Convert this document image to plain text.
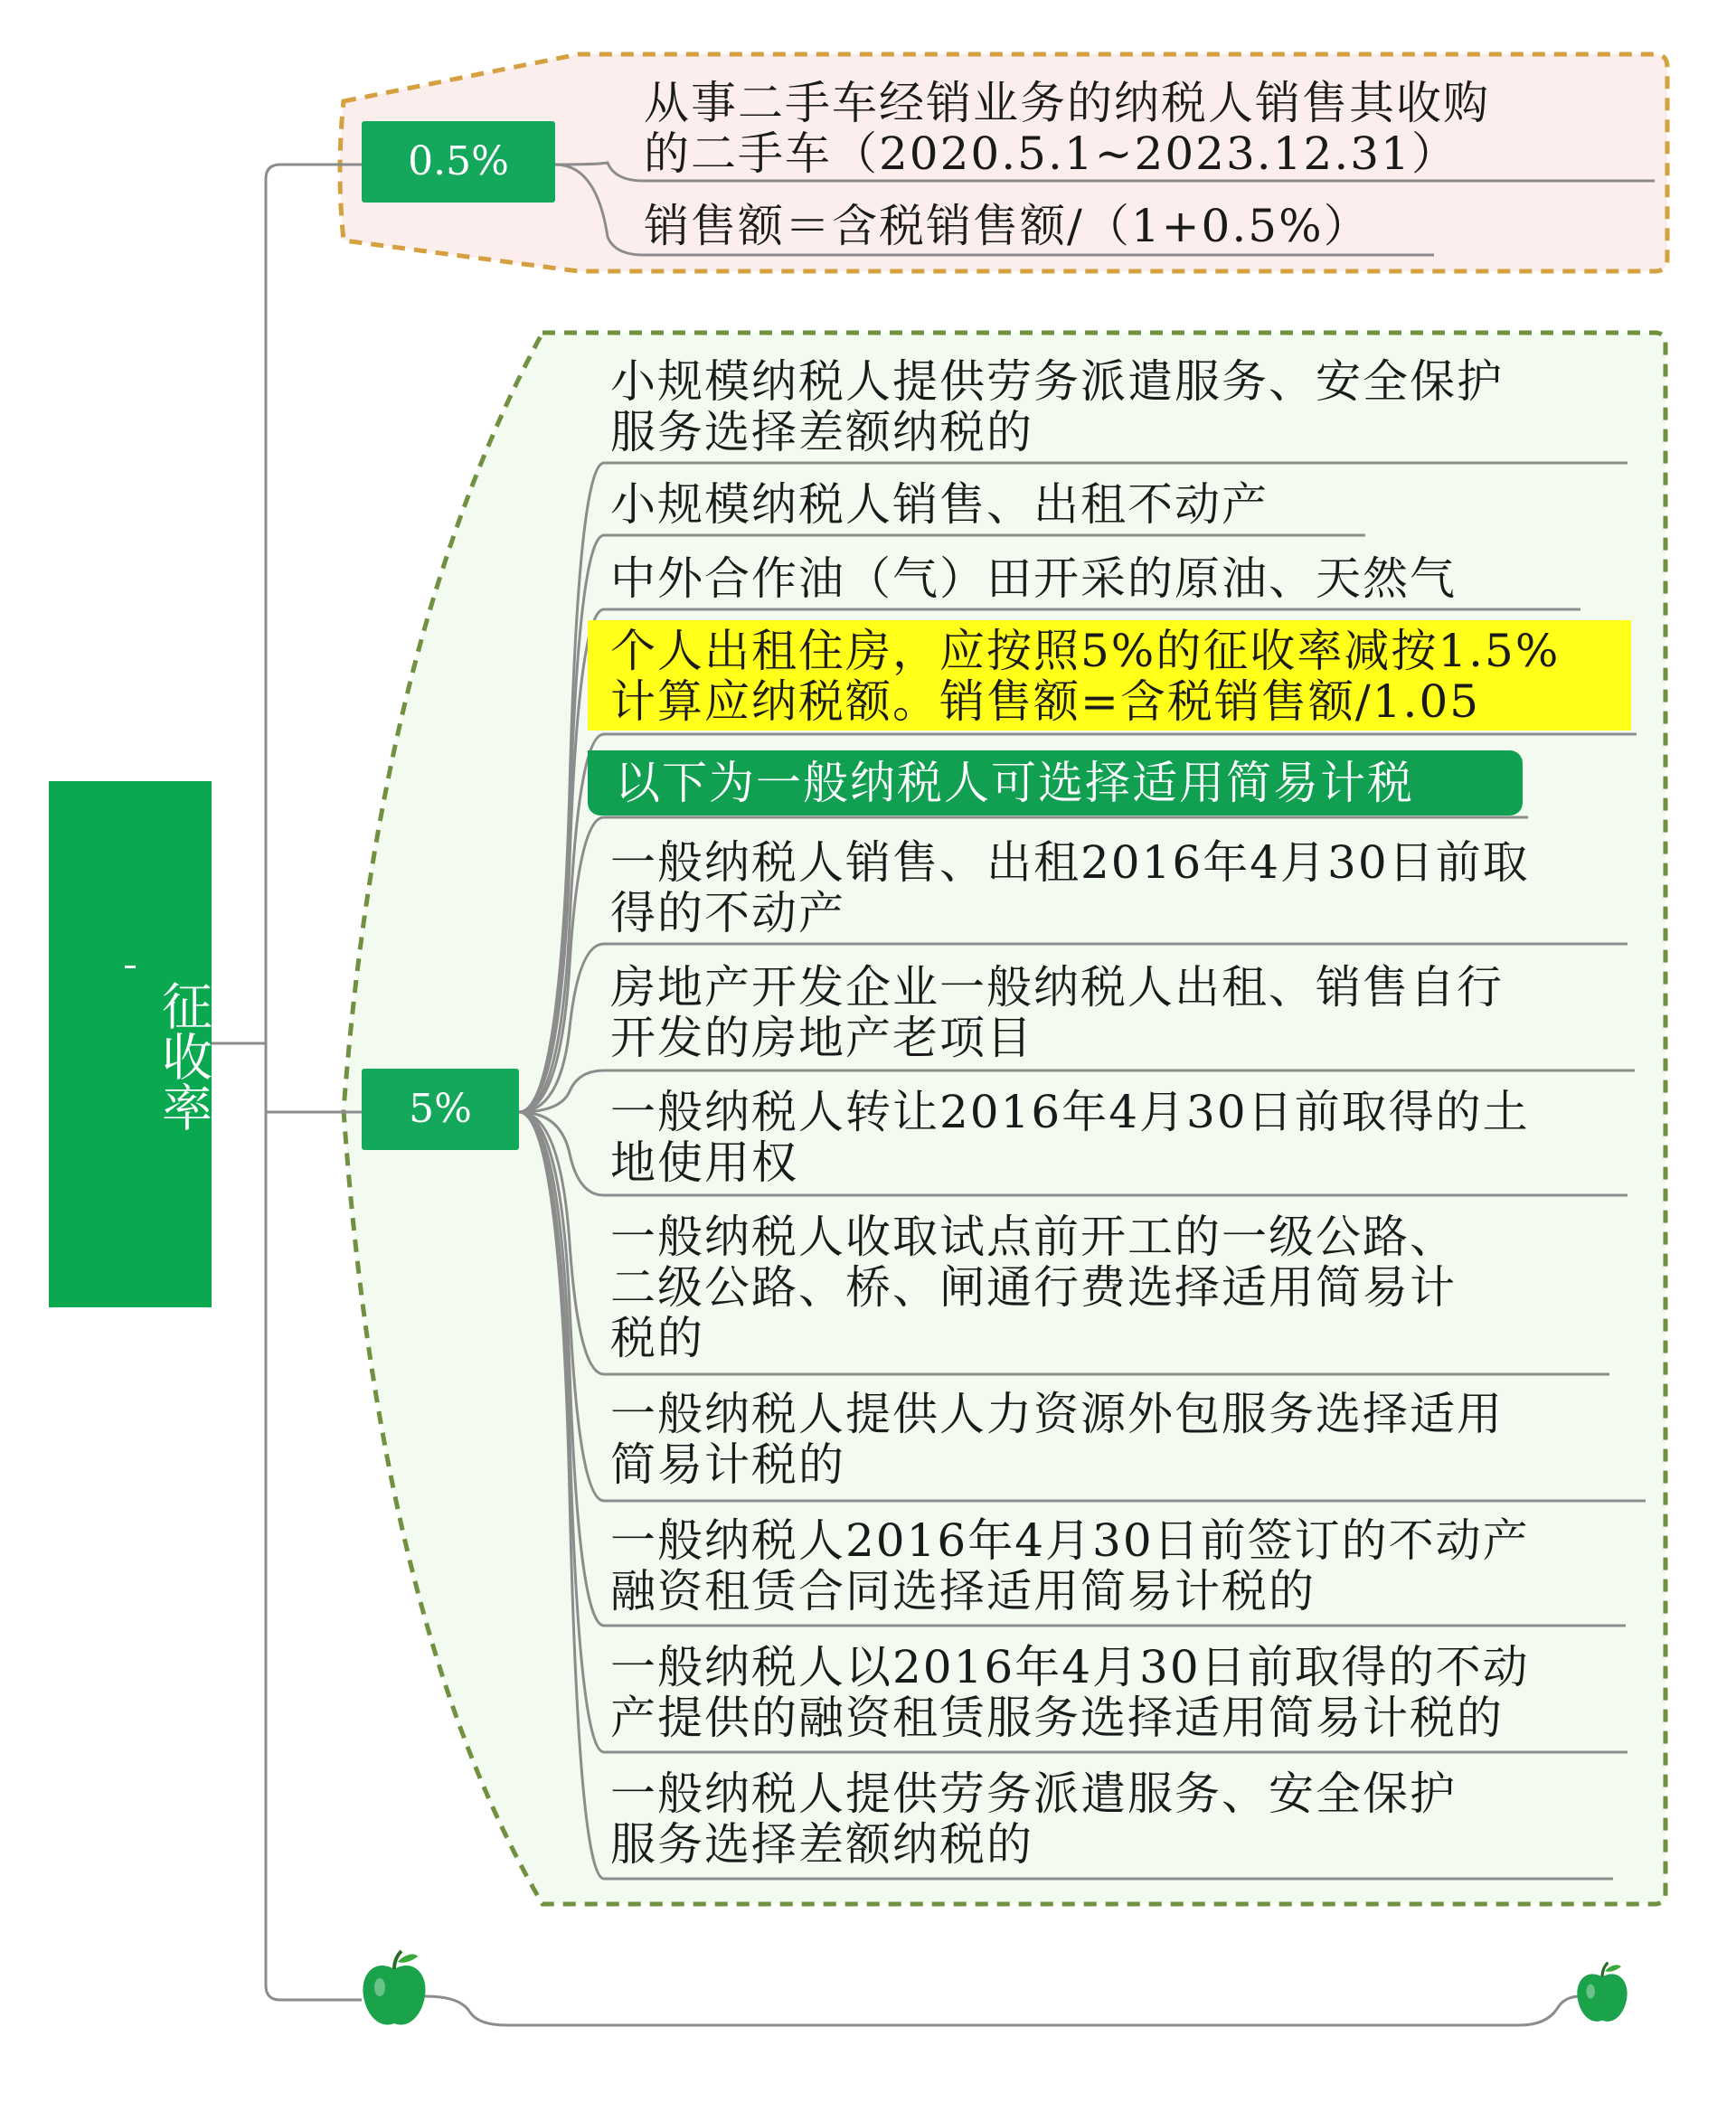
征收率
0.5%
5%
从事二手车经销业务的纳税人销售其收购
的二手车（2020.5.1~2023.12.31）
销售额＝含税销售额/（1+0.5%）
小规模纳税人提供劳务派遣服务、安全保护
服务选择差额纳税的
小规模纳税人销售、出租不动产
中外合作油（气）田开采的原油、天然气
个人出租住房，应按照5%的征收率减按1.5%
计算应纳税额。销售额=含税销售额/1.05
以下为一般纳税人可选择适用简易计税
一般纳税人销售、出租2016年4月30日前取
得的不动产
房地产开发企业一般纳税人出租、销售自行
开发的房地产老项目
一般纳税人转让2016年4月30日前取得的土
地使用权
一般纳税人收取试点前开工的一级公路、
二级公路、桥、闸通行费选择适用简易计
税的
一般纳税人提供人力资源外包服务选择适用
简易计税的
一般纳税人2016年4月30日前签订的不动产
融资租赁合同选择适用简易计税的
一般纳税人以2016年4月30日前取得的不动
产提供的融资租赁服务选择适用简易计税的
一般纳税人提供劳务派遣服务、安全保护
服务选择差额纳税的
